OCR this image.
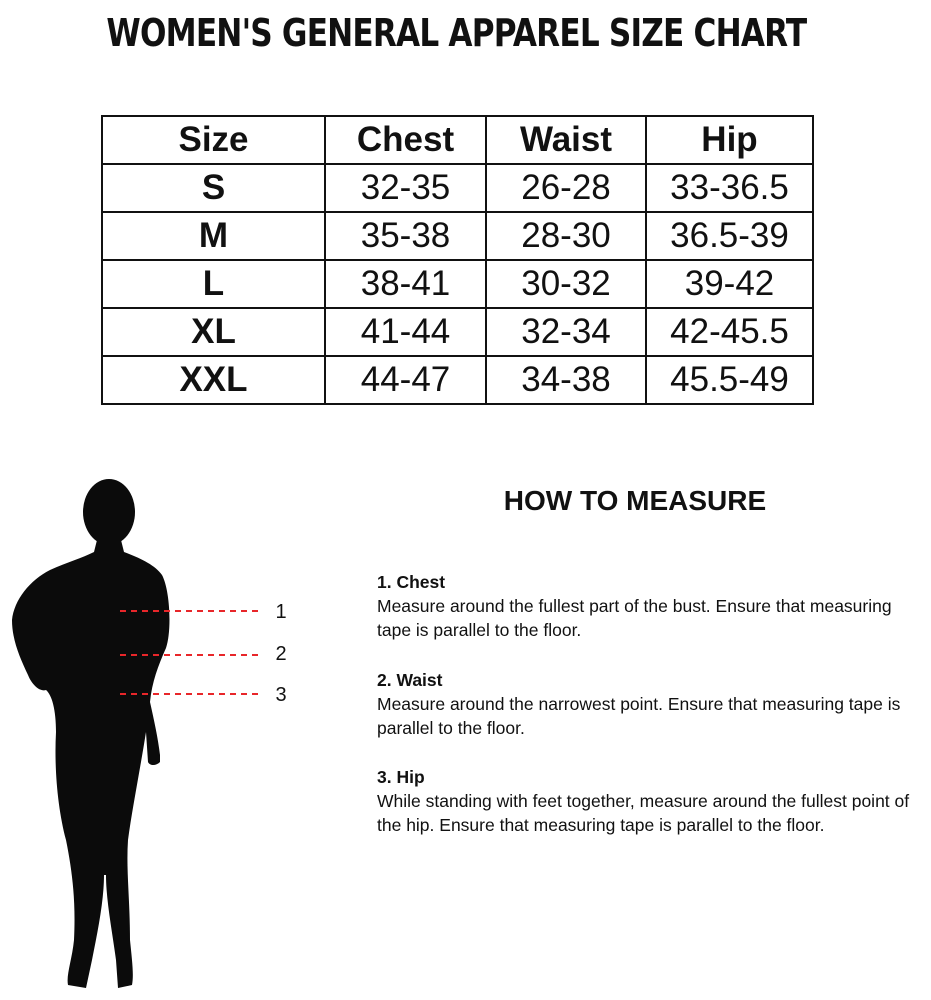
WOMEN'S GENERAL APPAREL SIZE CHART
Size	Chest	Waist	Hip
S	32-35	26-28	33-36.5
M	35-38	28-30	36.5-39
L	38-41	30-32	39-42
XL	41-44	32-34	42-45.5
XXL	44-47	34-38	45.5-49
1
2
3
HOW TO MEASURE
1. Chest
Measure around the fullest part of the bust. Ensure that measuring tape is parallel to the floor.
2. Waist
Measure around the narrowest point. Ensure that measuring tape is parallel to the floor.
3. Hip
While standing with feet together, measure around the fullest point of the hip. Ensure that measuring tape is parallel to the floor.
